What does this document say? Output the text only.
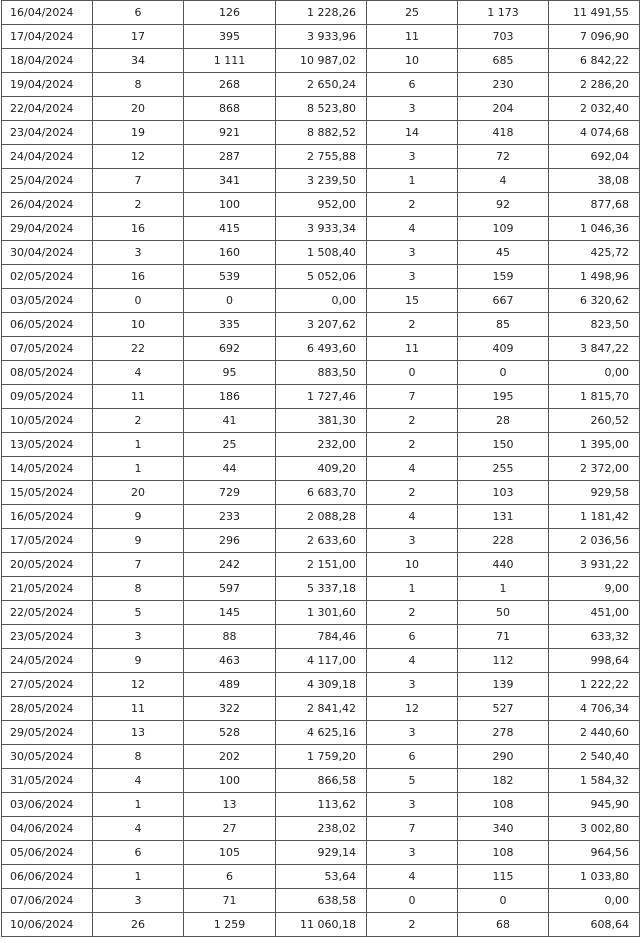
16/04/2024	6	126	1 228,26	25	1 173	11 491,55
17/04/2024	17	395	3 933,96	11	703	7 096,90
18/04/2024	34	1 111	10 987,02	10	685	6 842,22
19/04/2024	8	268	2 650,24	6	230	2 286,20
22/04/2024	20	868	8 523,80	3	204	2 032,40
23/04/2024	19	921	8 882,52	14	418	4 074,68
24/04/2024	12	287	2 755,88	3	72	692,04
25/04/2024	7	341	3 239,50	1	4	38,08
26/04/2024	2	100	952,00	2	92	877,68
29/04/2024	16	415	3 933,34	4	109	1 046,36
30/04/2024	3	160	1 508,40	3	45	425,72
02/05/2024	16	539	5 052,06	3	159	1 498,96
03/05/2024	0	0	0,00	15	667	6 320,62
06/05/2024	10	335	3 207,62	2	85	823,50
07/05/2024	22	692	6 493,60	11	409	3 847,22
08/05/2024	4	95	883,50	0	0	0,00
09/05/2024	11	186	1 727,46	7	195	1 815,70
10/05/2024	2	41	381,30	2	28	260,52
13/05/2024	1	25	232,00	2	150	1 395,00
14/05/2024	1	44	409,20	4	255	2 372,00
15/05/2024	20	729	6 683,70	2	103	929,58
16/05/2024	9	233	2 088,28	4	131	1 181,42
17/05/2024	9	296	2 633,60	3	228	2 036,56
20/05/2024	7	242	2 151,00	10	440	3 931,22
21/05/2024	8	597	5 337,18	1	1	9,00
22/05/2024	5	145	1 301,60	2	50	451,00
23/05/2024	3	88	784,46	6	71	633,32
24/05/2024	9	463	4 117,00	4	112	998,64
27/05/2024	12	489	4 309,18	3	139	1 222,22
28/05/2024	11	322	2 841,42	12	527	4 706,34
29/05/2024	13	528	4 625,16	3	278	2 440,60
30/05/2024	8	202	1 759,20	6	290	2 540,40
31/05/2024	4	100	866,58	5	182	1 584,32
03/06/2024	1	13	113,62	3	108	945,90
04/06/2024	4	27	238,02	7	340	3 002,80
05/06/2024	6	105	929,14	3	108	964,56
06/06/2024	1	6	53,64	4	115	1 033,80
07/06/2024	3	71	638,58	0	0	0,00
10/06/2024	26	1 259	11 060,18	2	68	608,64
